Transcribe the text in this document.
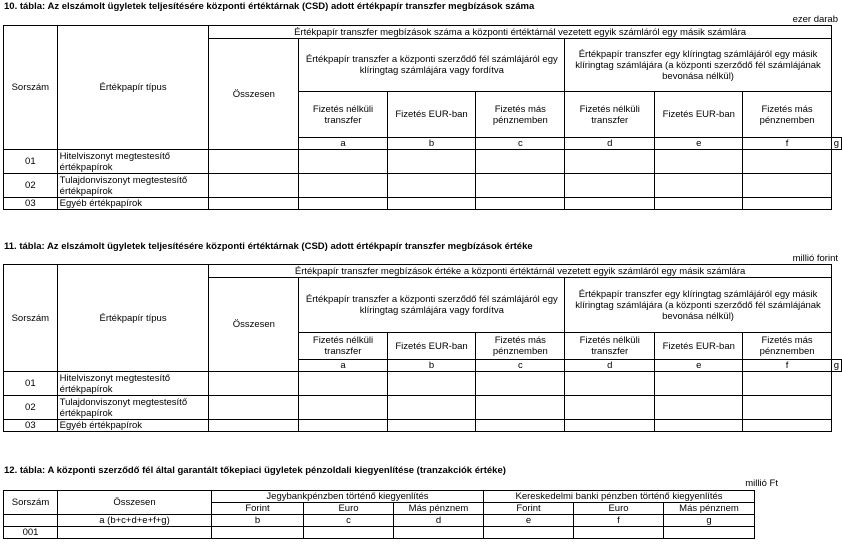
10. tábla: Az elszámolt ügyletek teljesítésére központi értéktárnak (CSD) adott értékpapír transzfer megbízások száma
ezer darab
Sorszám	Értékpapír típus	Értékpapír transzfer megbízások száma a központi értéktárnál vezetett egyik számláról egy másik számlára							
		Összesen	Értékpapír transzfer a központi szerződő fél számlájáról egy klíringtag számlájára vagy fordítva			Értékpapír transzfer egy klíringtag számlájáról egy másik klíringtag számlájára (a központi szerződő fél számlájának bevonása nélkül)			
			Fizetés nélküli transzfer	Fizetés EUR-ban	Fizetés más pénznemben	Fizetés nélküli transzfer	Fizetés EUR-ban	Fizetés más pénznemben	
			a	b	c	d	e	f	g
01	Hitelviszonyt megtestesítő értékpapírok								
02	Tulajdonviszonyt megtestesítő értékpapírok								
03	Egyéb értékpapírok								
11. tábla: Az elszámolt ügyletek teljesítésére központi értéktárnak (CSD) adott értékpapír transzfer megbízások értéke
millió forint
Sorszám	Értékpapír típus	Értékpapír transzfer megbízások értéke a központi értéktárnál vezetett egyik számláról egy másik számlára							
		Összesen	Értékpapír transzfer a központi szerződő fél számlájáról egy klíringtag számlájára vagy fordítva			Értékpapír transzfer egy klíringtag számlájáról egy másik klíringtag számlájára (a központi szerződő fél számlájának bevonása nélkül)			
			Fizetés nélküli transzfer	Fizetés EUR-ban	Fizetés más pénznemben	Fizetés nélküli transzfer	Fizetés EUR-ban	Fizetés más pénznemben	
			a	b	c	d	e	f	g
01	Hitelviszonyt megtestesítő értékpapírok								
02	Tulajdonviszonyt megtestesítő értékpapírok								
03	Egyéb értékpapírok								
12. tábla: A központi szerződő fél által garantált tőkepiaci ügyletek pénzoldali kiegyenlítése (tranzakciók értéke)
millió Ft
Sorszám	Összesen	Jegybankpénzben történő kiegyenlítés			Kereskedelmi banki pénzben történő kiegyenlítés		
		Forint	Euro	Más pénznem	Forint	Euro	Más pénznem
	a (b+c+d+e+f+g)	b	c	d	e	f	g
001							
